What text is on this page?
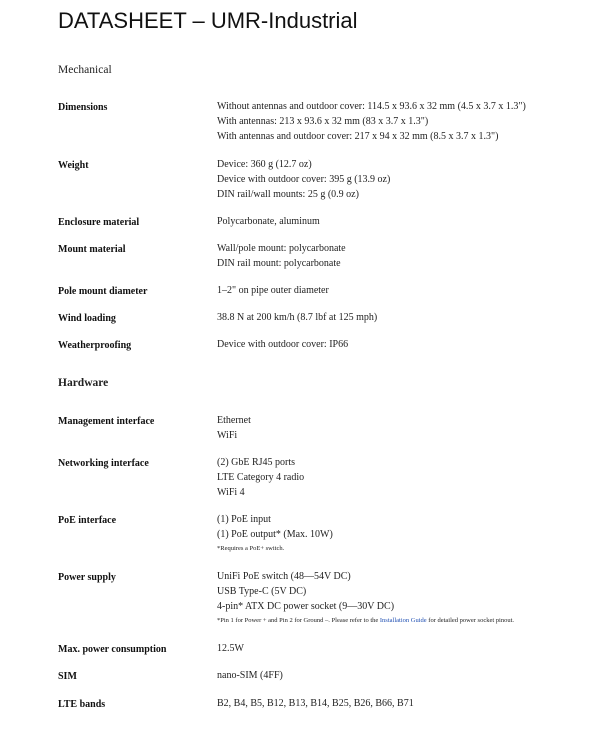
DATASHEET – UMR-Industrial
Mechanical
Dimensions	Without antennas and outdoor cover: 114.5 x 93.6 x 32 mm (4.5 x 3.7 x 1.3")
With antennas: 213 x 93.6 x 32 mm (83 x 3.7 x 1.3")
With antennas and outdoor cover: 217 x 94 x 32 mm (8.5 x 3.7 x 1.3")
Weight	Device: 360 g (12.7 oz)
Device with outdoor cover: 395 g (13.9 oz)
DIN rail/wall mounts: 25 g (0.9 oz)
Enclosure material	Polycarbonate, aluminum
Mount material	Wall/pole mount: polycarbonate
DIN rail mount: polycarbonate
Pole mount diameter	1–2" on pipe outer diameter
Wind loading	38.8 N at 200 km/h (8.7 lbf at 125 mph)
Weatherproofing	Device with outdoor cover: IP66
Hardware
Management interface	Ethernet
WiFi
Networking interface	(2) GbE RJ45 ports
LTE Category 4 radio
WiFi 4
PoE interface	(1) PoE input
(1) PoE output* (Max. 10W)
*Requires a PoE+ switch.
Power supply	UniFi PoE switch (48—54V DC)
USB Type-C (5V DC)
4-pin* ATX DC power socket (9—30V DC)
*Pin 1 for Power + and Pin 2 for Ground –. Please refer to the Installation Guide for detailed power socket pinout.
Max. power consumption	12.5W
SIM	nano-SIM (4FF)
LTE bands	B2, B4, B5, B12, B13, B14, B25, B26, B66, B71
